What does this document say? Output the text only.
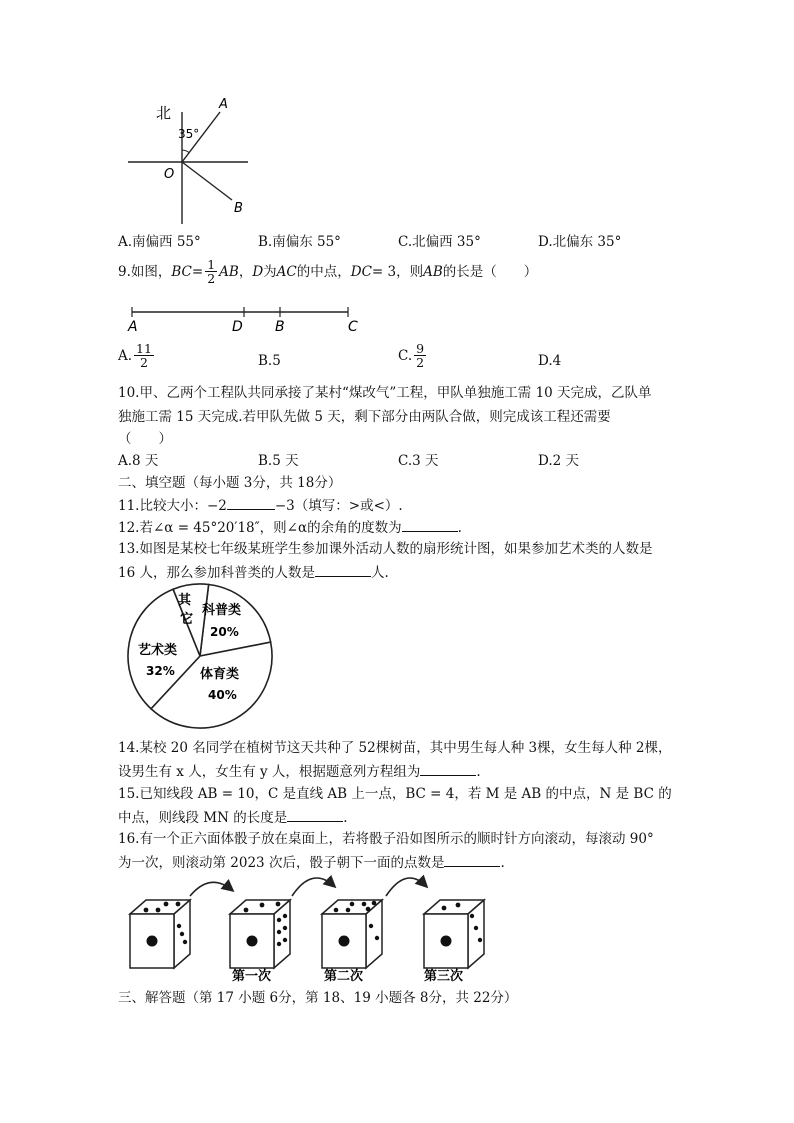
北	A
35°
O
B
A.南偏西 55°	B.南偏东 55°	C.北偏西 35°	D.北偏东 35°
9.如图， BC = $\frac{1}{2}$ AB ， D 为 AC 的中点， DC = 3，则 AB 的长是（　　）
A	D B	C
A. $\frac{11}{2}$	B.5	C. $\frac{9}{2}$	D.4
10.甲、乙两个工程队共同承接了某村“煤改气”工程，甲队单独施工需 10 天完成，乙队单
独施工需 15 天完成.若甲队先做 5 天，剩下部分由两队合做，则完成该工程还需要
（　　）
A.8 天	B.5 天	C.3 天	D.2 天
二、填空题（每小题 3分，共 18分）
11.比较大小：−2	−3（填写：>或<）.
12.若∠α = 45°20′18″，则∠α的余角的度数为	.
13.如图是某校七年级某班学生参加课外活动人数的扇形统计图，如果参加艺术类的人数是
16 人，那么参加科普类的人数是	人.
其
它
科普类
20%
艺术类
32% 体育类
40%
14.某校 20 名同学在植树节这天共种了 52棵树苗，其中男生每人种 3棵，女生每人种 2棵，
设男生有 x 人，女生有 y 人，根据题意列方程组为	.
15.已知线段 AB = 10，C 是直线 AB 上一点，BC = 4，若 M 是 AB 的中点，N 是 BC 的
中点，则线段 MN 的长度是	.
16.有一个正六面体骰子放在桌面上，若将骰子沿如图所示的顺时针方向滚动，每滚动 90°
为一次，则滚动第 2023 次后，骰子朝下一面的点数是	.
第一次	第二次	第三次
三、解答题（第 17 小题 6分，第 18、19 小题各 8分，共 22分）
